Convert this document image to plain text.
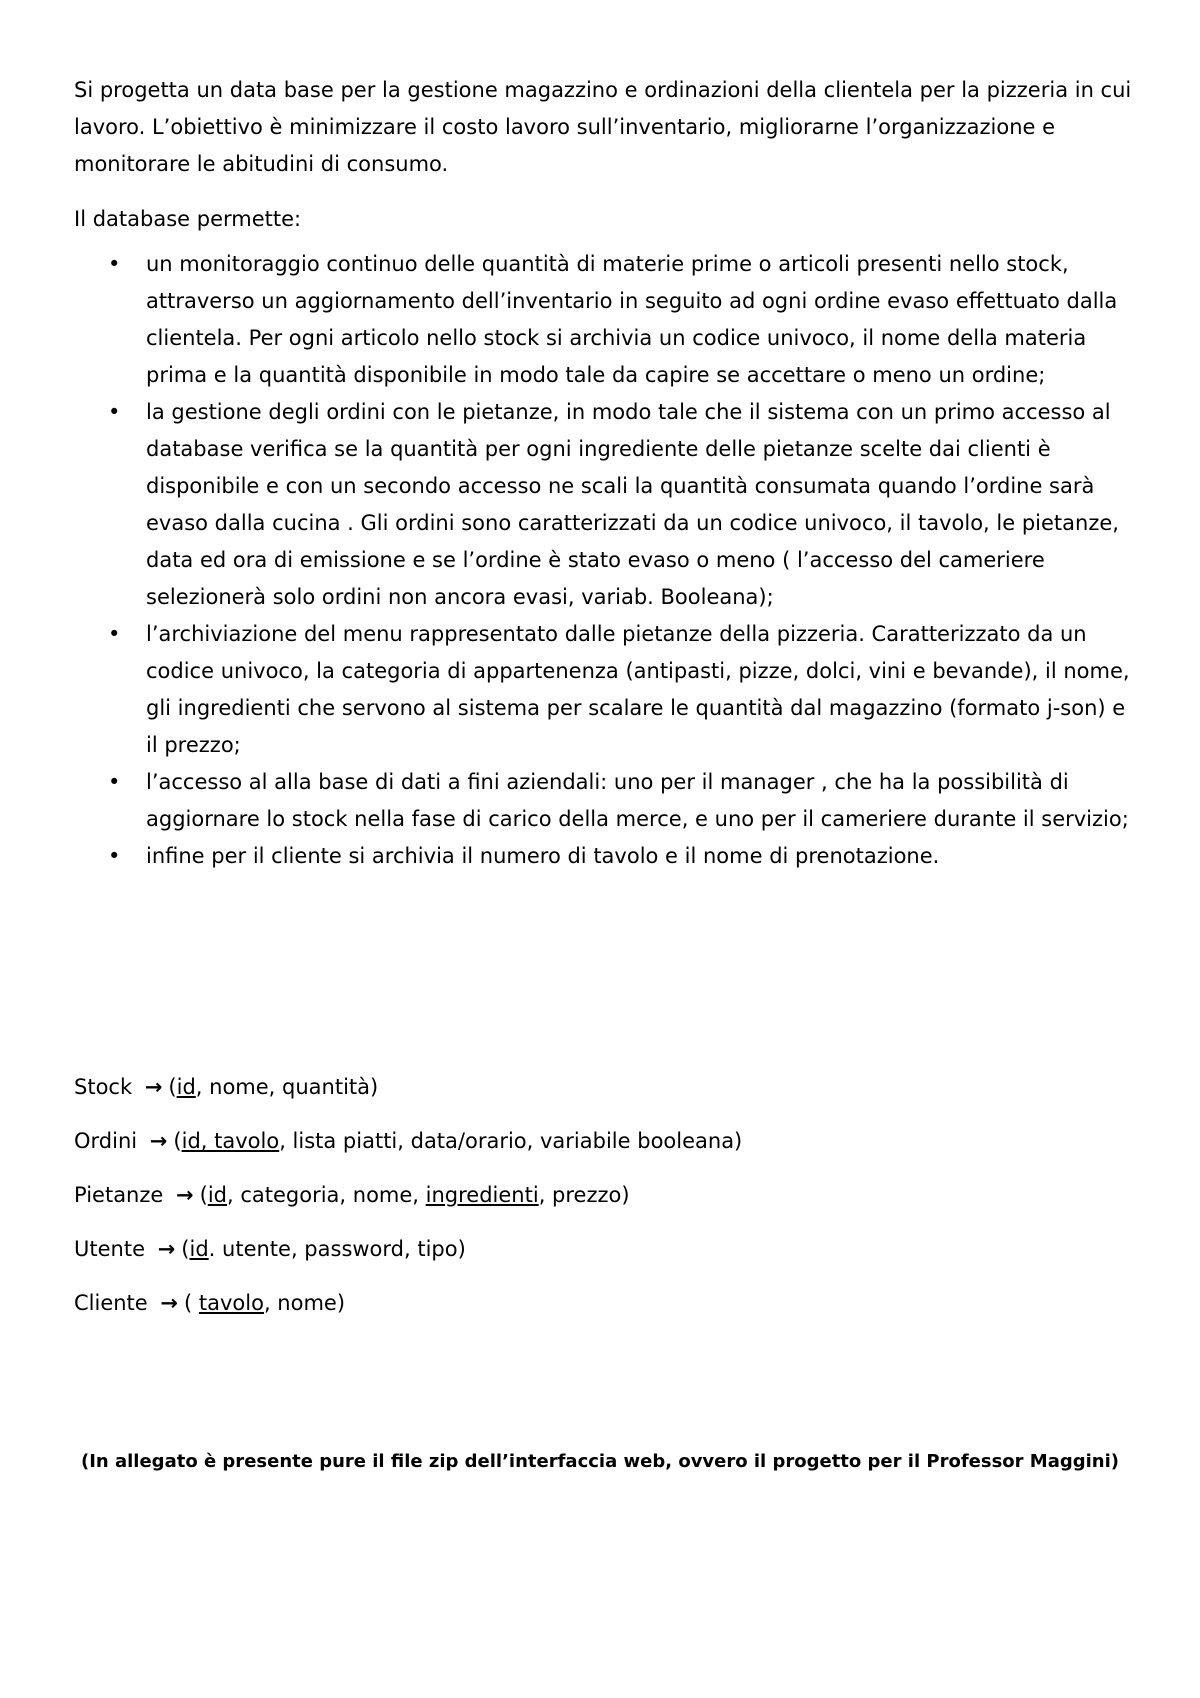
Si progetta un data base per la gestione magazzino e ordinazioni della clientela per la pizzeria in cui lavoro. L’obiettivo è minimizzare il costo lavoro sull’inventario, migliorarne l’organizzazione e monitorare le abitudini di consumo.

Il database permette:

• un monitoraggio continuo delle quantità di materie prime o articoli presenti nello stock, attraverso un aggiornamento dell’inventario in seguito ad ogni ordine evaso effettuato dalla clientela. Per ogni articolo nello stock si archivia un codice univoco, il nome della materia prima e la quantità disponibile in modo tale da capire se accettare o meno un ordine;
• la gestione degli ordini con le pietanze, in modo tale che il sistema con un primo accesso al database verifica se la quantità per ogni ingrediente delle pietanze scelte dai clienti è disponibile e con un secondo accesso ne scali la quantità consumata quando l’ordine sarà evaso dalla cucina . Gli ordini sono caratterizzati da un codice univoco, il tavolo, le pietanze, data ed ora di emissione e se l’ordine è stato evaso o meno ( l’accesso del cameriere selezionerà solo ordini non ancora evasi, variab. Booleana);
• l’archiviazione del menu rappresentato dalle pietanze della pizzeria. Caratterizzato da un codice univoco, la categoria di appartenenza (antipasti, pizze, dolci, vini e bevande), il nome, gli ingredienti che servono al sistema per scalare le quantità dal magazzino (formato j-son) e il prezzo;
• l’accesso al alla base di dati a fini aziendali: uno per il manager , che ha la possibilità di aggiornare lo stock nella fase di carico della merce, e uno per il cameriere durante il servizio;
• infine per il cliente si archivia il numero di tavolo e il nome di prenotazione.
Stock → (id, nome, quantità)
Ordini → (id, tavolo, lista piatti, data/orario, variabile booleana)
Pietanze → (id, categoria, nome, ingredienti, prezzo)
Utente → (id. utente, password, tipo)
Cliente → ( tavolo, nome)

(In allegato è presente pure il file zip dell’interfaccia web, ovvero il progetto per il Professor Maggini)
